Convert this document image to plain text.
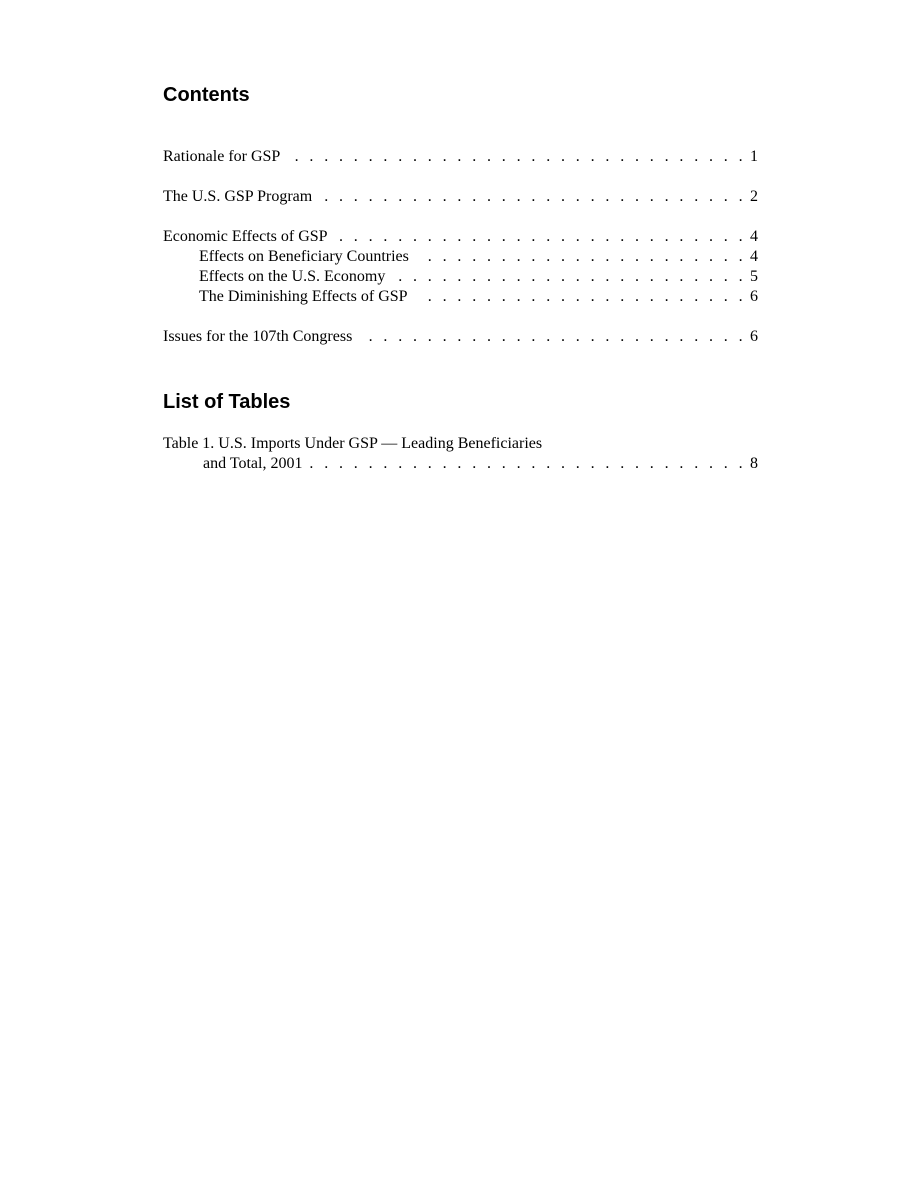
Contents
Rationale for GSP . . .	1
The U.S. GSP Program . . .	2
Economic Effects of GSP . . .	4
Effects on Beneficiary Countries . . .	4
Effects on the U.S. Economy . . .	5
The Diminishing Effects of GSP . . .	6
Issues for the 107th Congress . . .	6
List of Tables
Table 1. U.S. Imports Under GSP — Leading Beneficiaries
and Total, 2001 . . .	8
